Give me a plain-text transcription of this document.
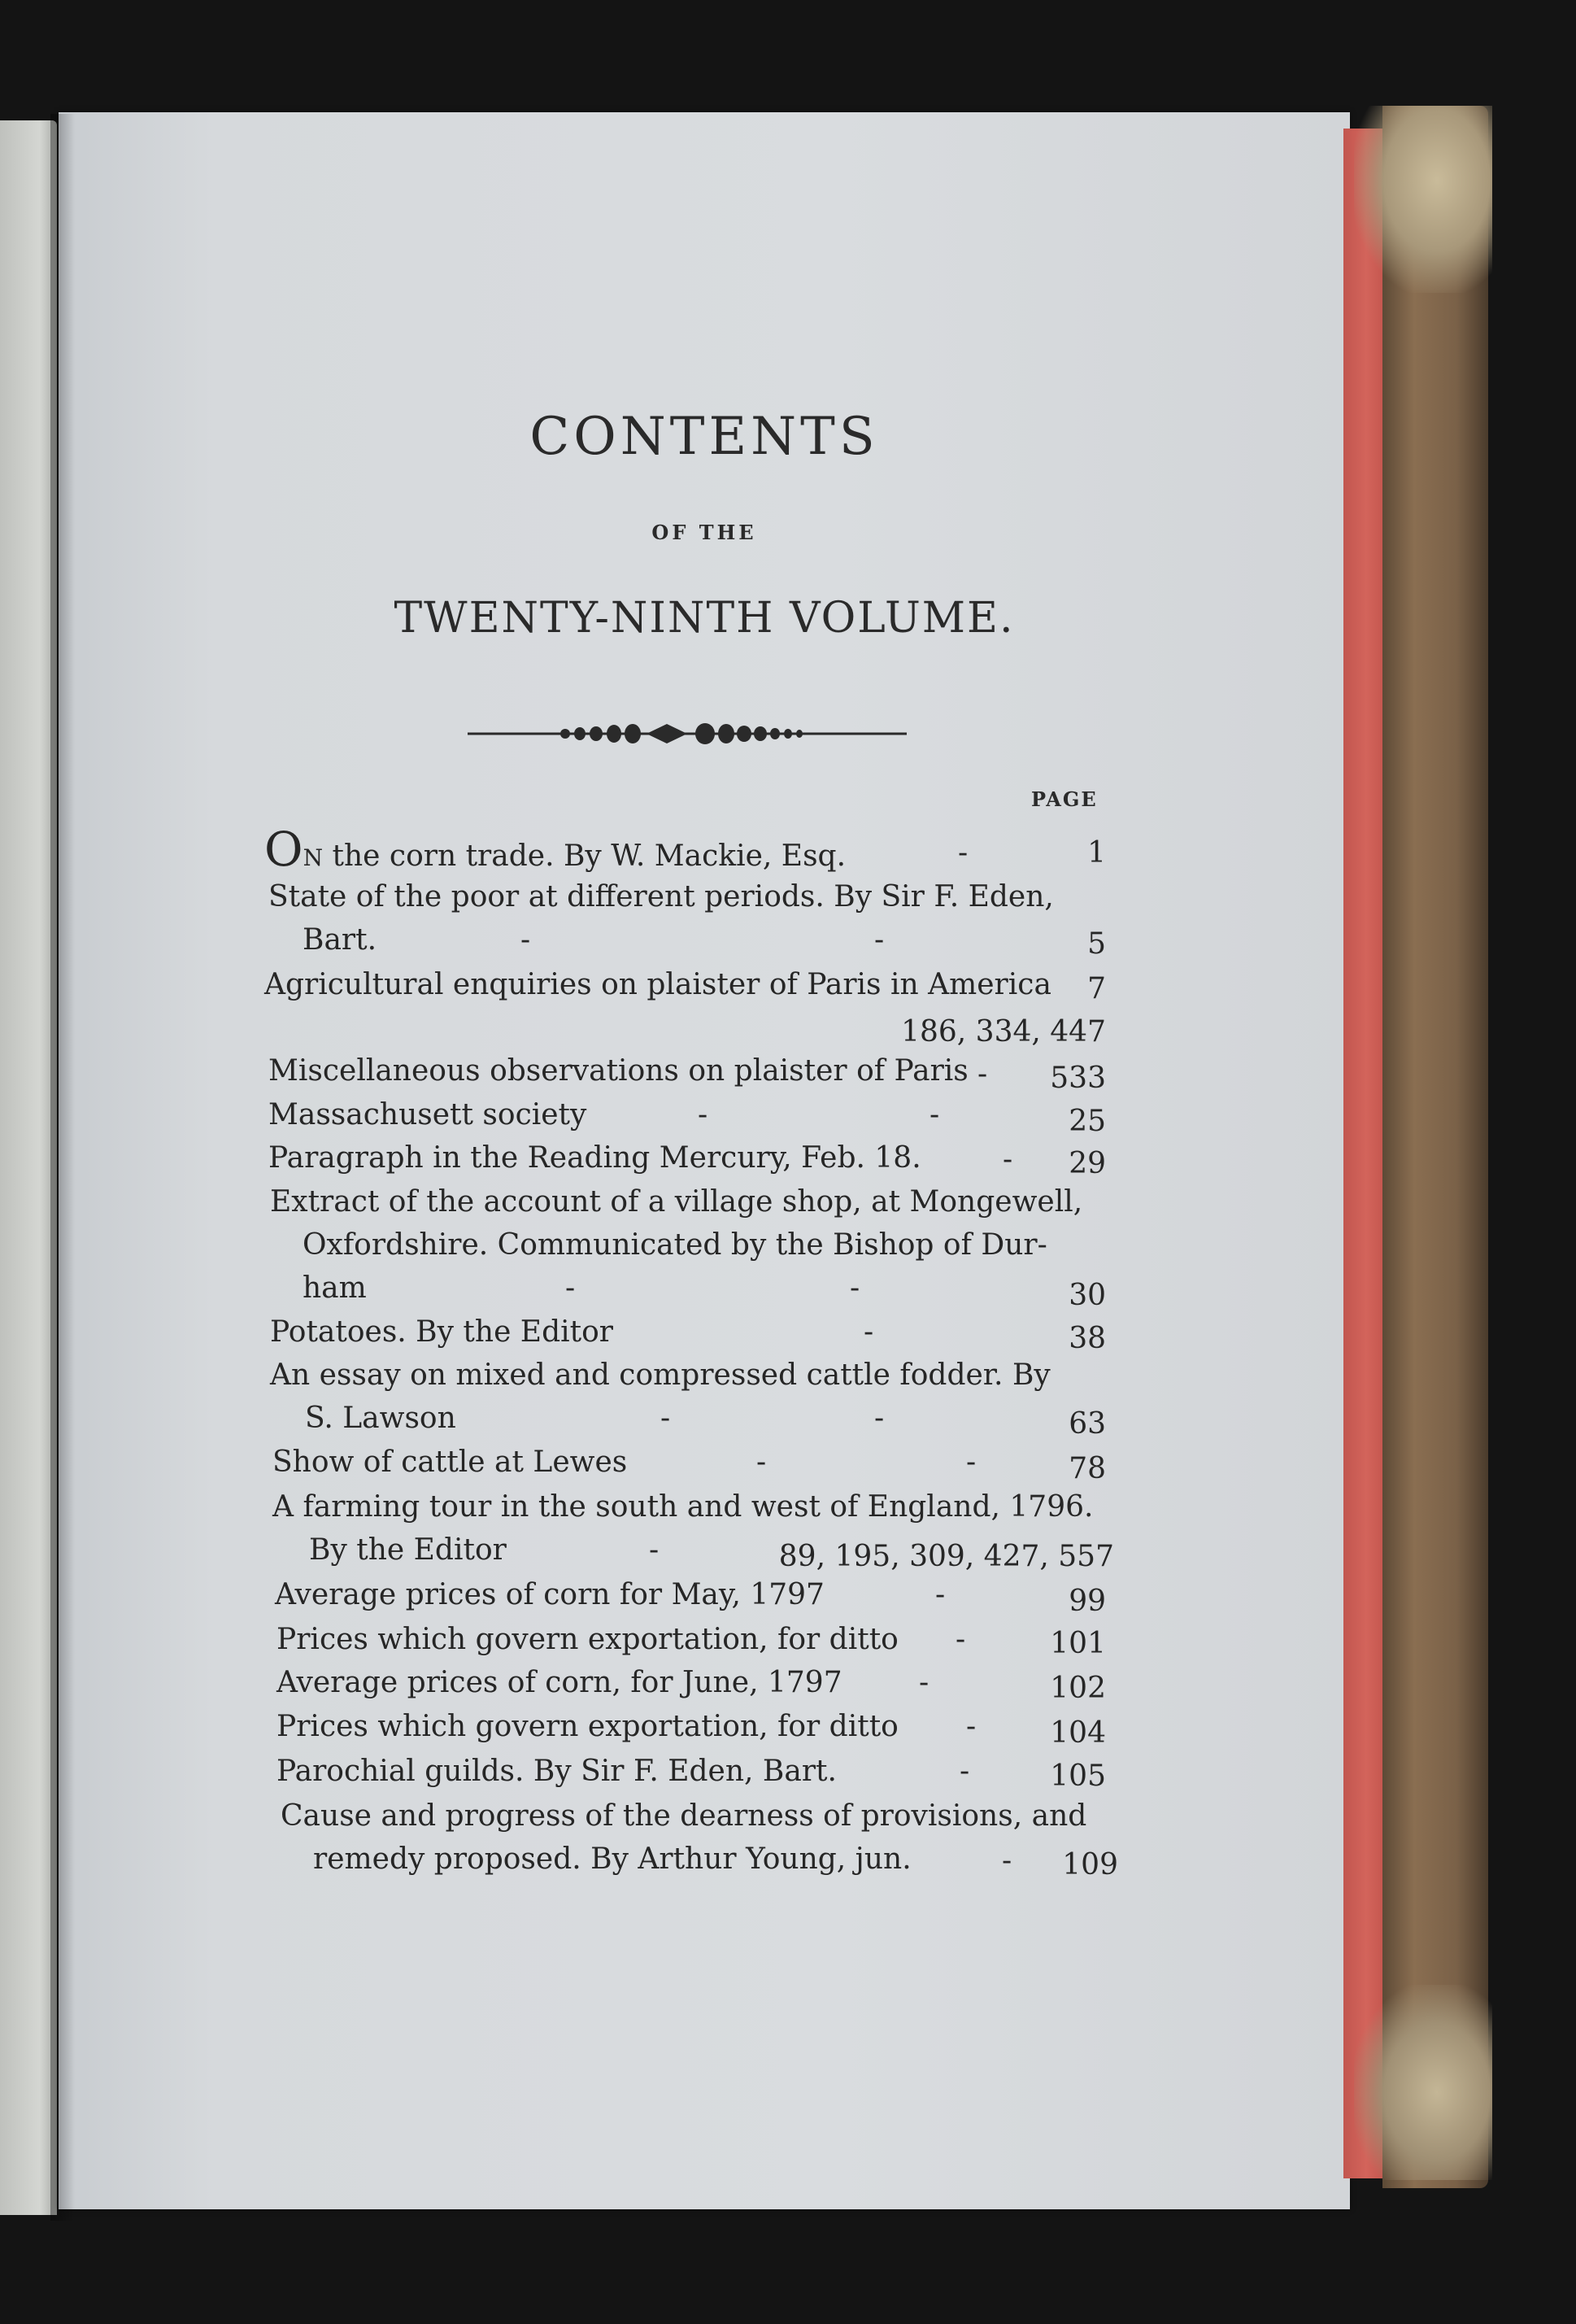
CONTENTS
OF THE
TWENTY-NINTH VOLUME.
PAGE
ON the corn trade. By W. Mackie, Esq.	-	1
State of the poor at different periods. By Sir F. Eden,
Bart.	-	-	5
Agricultural enquiries on plaister of Paris in America	7
186, 334, 447
Miscellaneous observations on plaister of Paris -	533
Massachusett society	-	-	25
Paragraph in the Reading Mercury, Feb. 18.	-	29
Extract of the account of a village shop, at Mongewell,
Oxfordshire. Communicated by the Bishop of Dur-
ham	-	-	30
Potatoes. By the Editor	-	38
An essay on mixed and compressed cattle fodder. By
S. Lawson	-	-	63
Show of cattle at Lewes	-	-	78
A farming tour in the south and west of England, 1796.
By the Editor	-	89, 195, 309, 427, 557
Average prices of corn for May, 1797	-	99
Prices which govern exportation, for ditto -	101
Average prices of corn, for June, 1797	-	102
Prices which govern exportation, for ditto -	104
Parochial guilds. By Sir F. Eden, Bart.	-	105
Cause and progress of the dearness of provisions, and
remedy proposed. By Arthur Young, jun.	-	109
